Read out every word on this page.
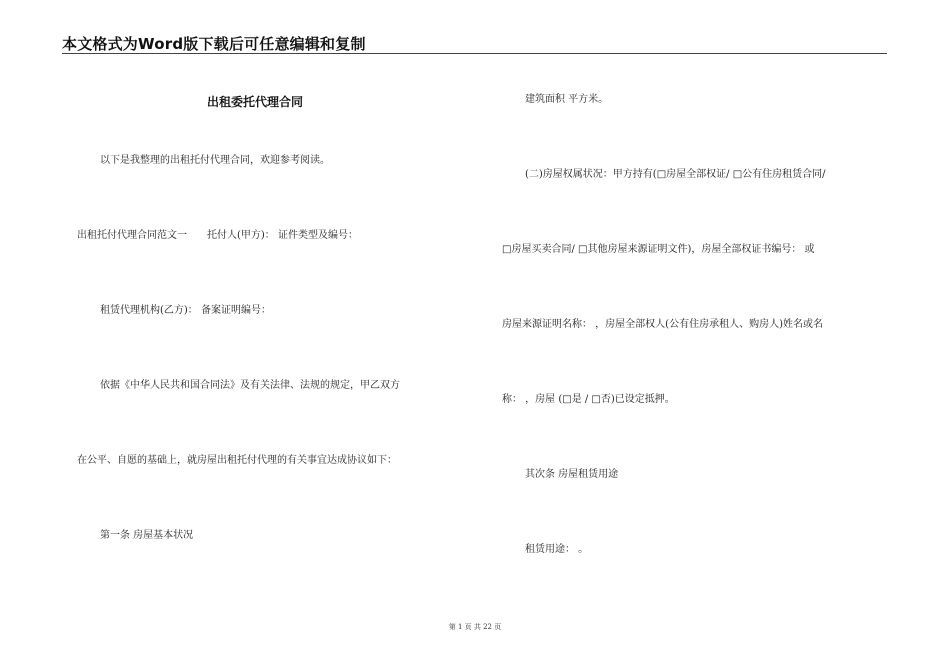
本文格式为Word版下载后可任意编辑和复制
出租委托代理合同
以下是我整理的出租托付代理合同，欢迎参考阅读。
出租托付代理合同范文一　　托付人(甲方)： 证件类型及编号：
租赁代理机构(乙方)： 备案证明编号：
依据《中华人民共和国合同法》及有关法律、法规的规定，甲乙双方
在公平、自愿的基础上，就房屋出租托付代理的有关事宜达成协议如下：
第一条 房屋基本状况
建筑面积 平方米。
(二)房屋权属状况：甲方持有(□房屋全部权证/ □公有住房租赁合同/
□房屋买卖合同/ □其他房屋来源证明文件)，房屋全部权证书编号： 或
房屋来源证明名称： ，房屋全部权人(公有住房承租人、购房人)姓名或名
称： ，房屋 (□是 / □否)已设定抵押。
其次条 房屋租赁用途
租赁用途： 。
第 1 页 共 22 页
